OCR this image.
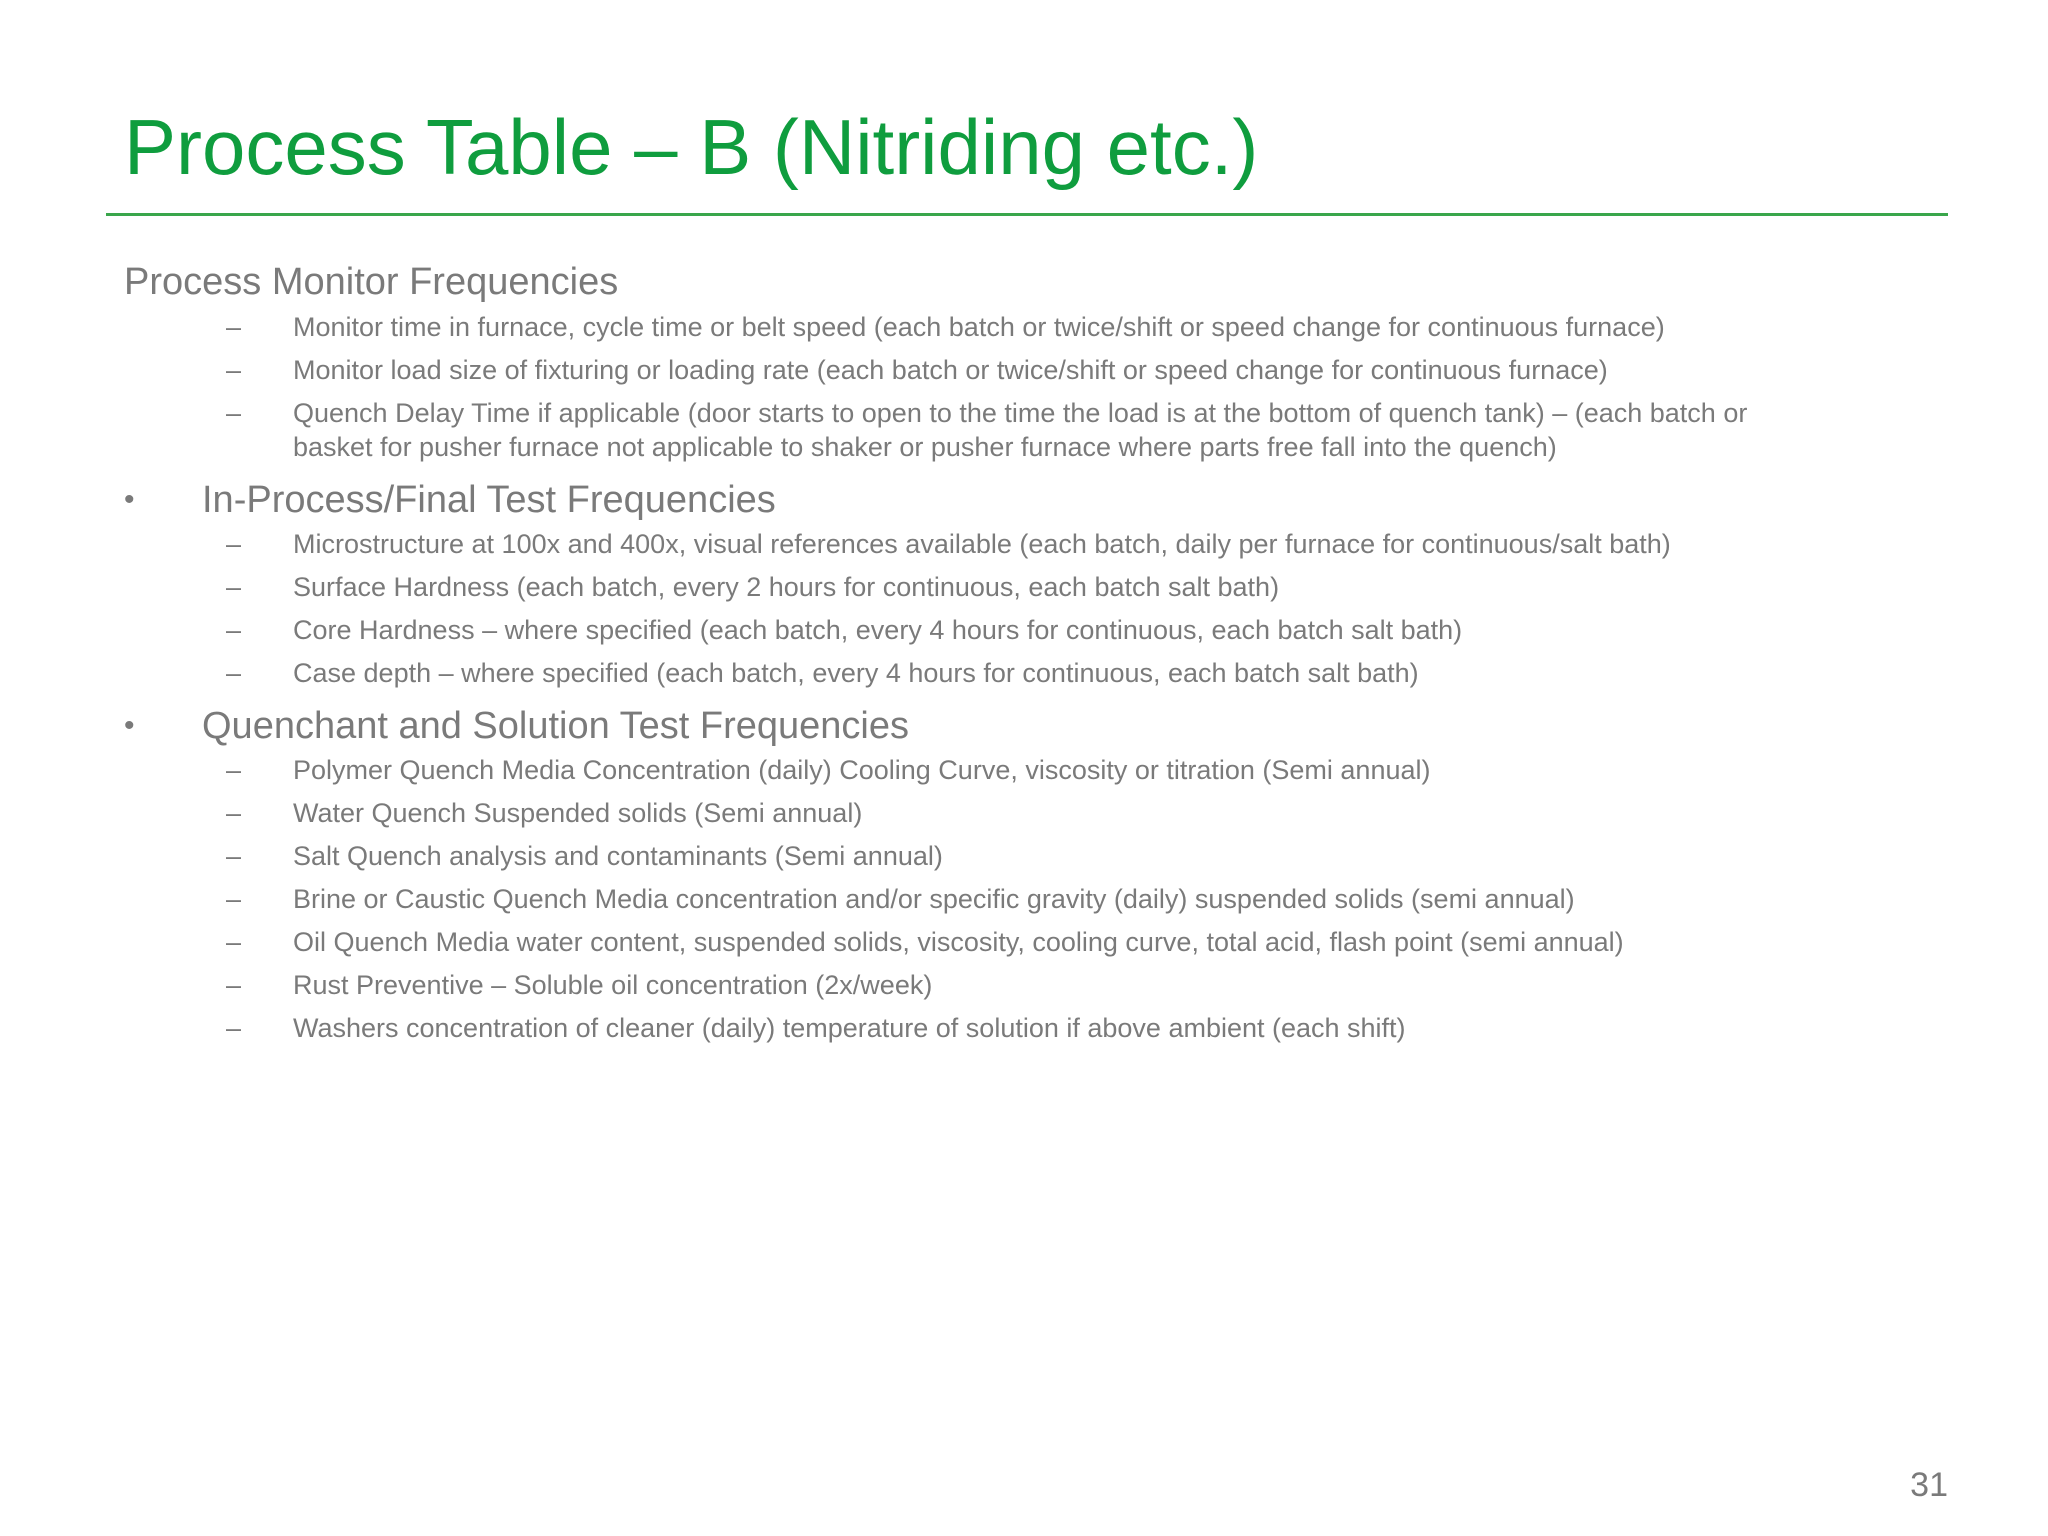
Process Table – B (Nitriding etc.)
Process Monitor Frequencies
– Monitor time in furnace, cycle time or belt speed (each batch or twice/shift or speed change for continuous furnace)
– Monitor load size of fixturing or loading rate (each batch or twice/shift or speed change for continuous furnace)
– Quench Delay Time if applicable (door starts to open to the time the load is at the bottom of quench tank) – (each batch or basket for pusher furnace not applicable to shaker or pusher furnace where parts free fall into the quench)
• In-Process/Final Test Frequencies
– Microstructure at 100x and 400x, visual references available (each batch, daily per furnace for continuous/salt bath)
– Surface Hardness (each batch, every 2 hours for continuous, each batch salt bath)
– Core Hardness – where specified (each batch, every 4 hours for continuous, each batch salt bath)
– Case depth – where specified (each batch, every 4 hours for continuous, each batch salt bath)
• Quenchant and Solution Test Frequencies
– Polymer Quench Media Concentration (daily) Cooling Curve, viscosity or titration (Semi annual)
– Water Quench Suspended solids (Semi annual)
– Salt Quench analysis and contaminants (Semi annual)
– Brine or Caustic Quench Media concentration and/or specific gravity (daily) suspended solids (semi annual)
– Oil Quench Media water content, suspended solids, viscosity, cooling curve, total acid, flash point (semi annual)
– Rust Preventive – Soluble oil concentration (2x/week)
– Washers concentration of cleaner (daily) temperature of solution if above ambient (each shift)
31
